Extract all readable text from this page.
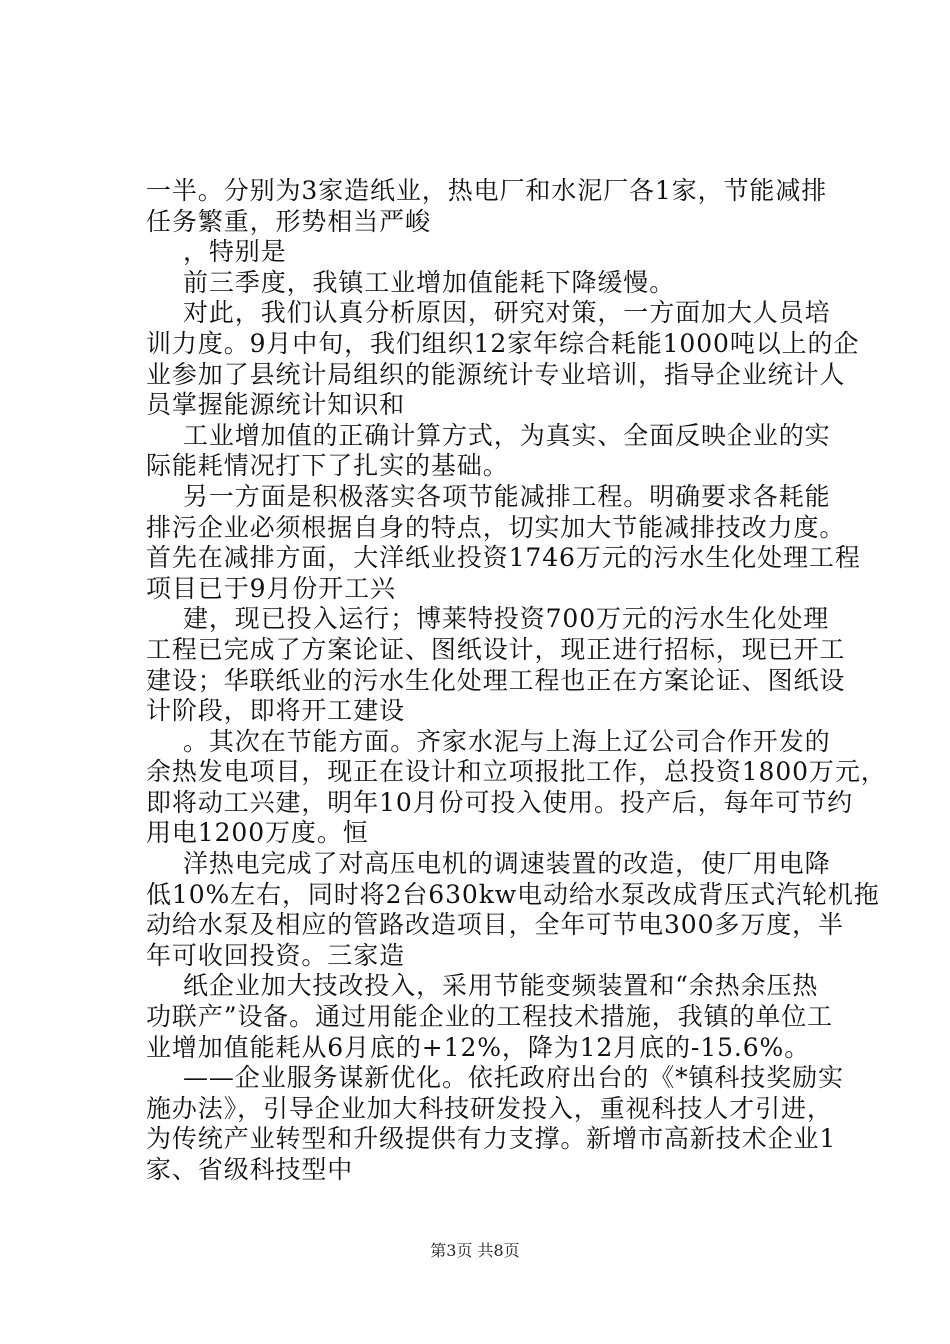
一半。分别为3家造纸业，热电厂和水泥厂各1家，节能减排
任务繁重，形势相当严峻
，特别是
前三季度，我镇工业增加值能耗下降缓慢。
对此，我们认真分析原因，研究对策，一方面加大人员培
训力度。9月中旬，我们组织12家年综合耗能1000吨以上的企
业参加了县统计局组织的能源统计专业培训，指导企业统计人
员掌握能源统计知识和
工业增加值的正确计算方式，为真实、全面反映企业的实
际能耗情况打下了扎实的基础。
另一方面是积极落实各项节能减排工程。明确要求各耗能
排污企业必须根据自身的特点，切实加大节能减排技改力度。
首先在减排方面，大洋纸业投资1746万元的污水生化处理工程
项目已于9月份开工兴
建，现已投入运行；博莱特投资700万元的污水生化处理
工程已完成了方案论证、图纸设计，现正进行招标，现已开工
建设；华联纸业的污水生化处理工程也正在方案论证、图纸设
计阶段，即将开工建设
。其次在节能方面。齐家水泥与上海上辽公司合作开发的
余热发电项目，现正在设计和立项报批工作，总投资1800万元，
即将动工兴建，明年10月份可投入使用。投产后，每年可节约
用电1200万度。恒
洋热电完成了对高压电机的调速装置的改造，使厂用电降
低10%左右，同时将2台630kw电动给水泵改成背压式汽轮机拖
动给水泵及相应的管路改造项目，全年可节电300多万度，半
年可收回投资。三家造
纸企业加大技改投入，采用节能变频装置和“余热余压热
功联产”设备。通过用能企业的工程技术措施，我镇的单位工
业增加值能耗从6月底的+12%，降为12月底的-15.6%。
——企业服务谋新优化。依托政府出台的《*镇科技奖励实
施办法》，引导企业加大科技研发投入，重视科技人才引进，
为传统产业转型和升级提供有力支撑。新增市高新技术企业1
家、省级科技型中
第3页 共8页
